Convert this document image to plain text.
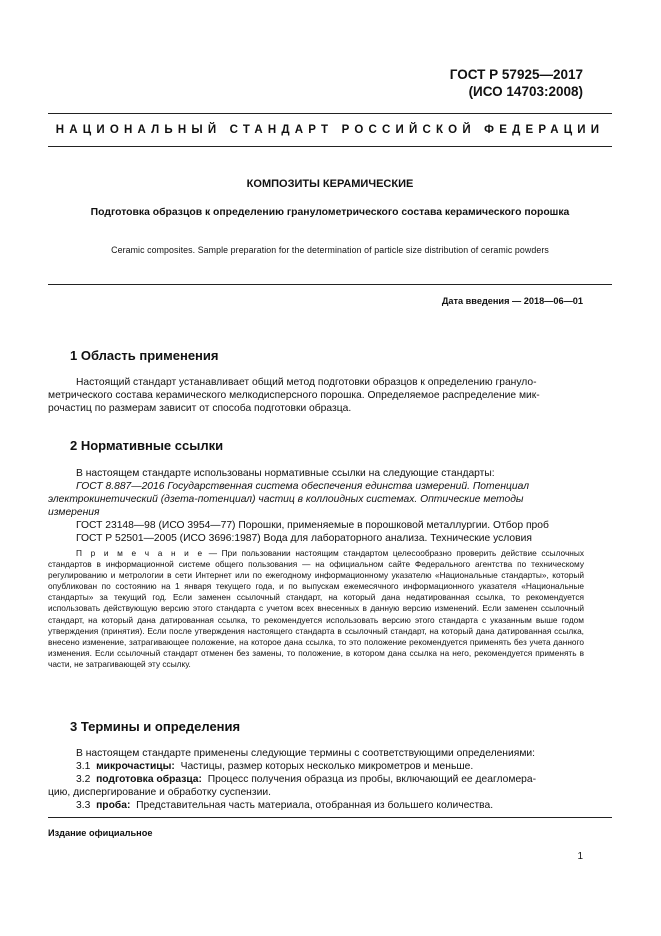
ГОСТ Р 57925—2017
(ИСО 14703:2008)
НАЦИОНАЛЬНЫЙ СТАНДАРТ РОССИЙСКОЙ ФЕДЕРАЦИИ
КОМПОЗИТЫ КЕРАМИЧЕСКИЕ
Подготовка образцов к определению гранулометрического состава керамического порошка
Ceramic composites. Sample preparation for the determination of particle size distribution of ceramic powders
Дата введения — 2018—06—01
1 Область применения
Настоящий стандарт устанавливает общий метод подготовки образцов к определению грануло-
метрического состава керамического мелкодисперсного порошка. Определяемое распределение мик-
рочастиц по размерам зависит от способа подготовки образца.
2 Нормативные ссылки
В настоящем стандарте использованы нормативные ссылки на следующие стандарты:
ГОСТ 8.887—2016 Государственная система обеспечения единства измерений. Потенциал
электрокинетический (дзета-потенциал) частиц в коллоидных системах. Оптические методы
измерения
ГОСТ 23148—98 (ИСО 3954—77) Порошки, применяемые в порошковой металлургии. Отбор проб
ГОСТ Р 52501—2005 (ИСО 3696:1987) Вода для лабораторного анализа. Технические условия

П р и м е ч а н и е — При пользовании настоящим стандартом целесообразно проверить действие ссылочных стандартов в информационной системе общего пользования — на официальном сайте Федерального агентства по техническому регулированию и метрологии в сети Интернет или по ежегодному информационному указателю «Национальные стандарты», который опубликован по состоянию на 1 января текущего года, и по выпускам ежемесячного информационного указателя «Национальные стандарты» за текущий год. Если заменен ссылочный стандарт, на который дана недатированная ссылка, то рекомендуется использовать действующую версию этого стандарта с учетом всех внесенных в данную версию изменений. Если заменен ссылочный стандарт, на который дана датированная ссылка, то рекомендуется использовать версию этого стандарта с указанным выше годом утверждения (принятия). Если после утверждения настоящего стандарта в ссылочный стандарт, на который дана датированная ссылка, внесено изменение, затрагивающее положение, на которое дана ссылка, то это положение рекомендуется применять без учета данного изменения. Если ссылочный стандарт отменен без замены, то положение, в котором дана ссылка на него, рекомендуется применять в части, не затрагивающей эту ссылку.

3 Термины и определения
В настоящем стандарте применены следующие термины с соответствующими определениями:
3.1 микрочастицы: Частицы, размер которых несколько микрометров и меньше.
3.2 подготовка образца: Процесс получения образца из пробы, включающий ее деагломера-
цию, диспергирование и обработку суспензии.
3.3 проба: Представительная часть материала, отобранная из большего количества.
Издание официальное
1
